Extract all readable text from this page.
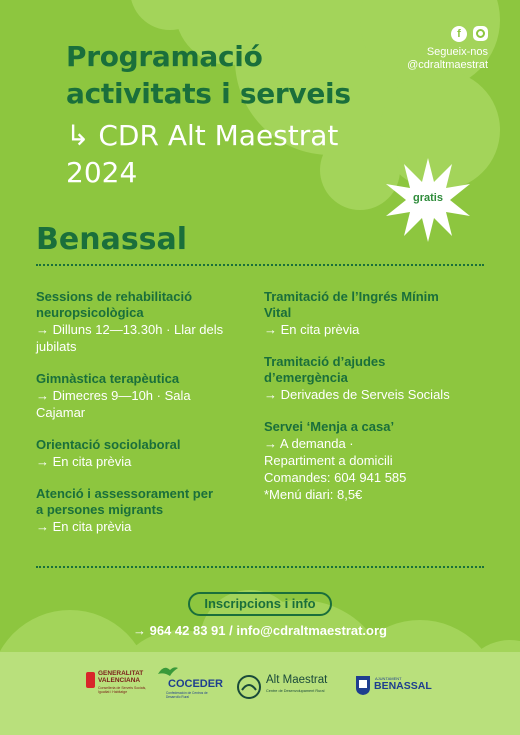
Programació
activitats i serveis
↳ CDR Alt Maestrat
2024
f
Segueix-nos
@cdraltmaestrat
gratis
Benassal
Sessions de rehabilitació
neuropsicològica
→ Dilluns 12—13.30h · Llar dels
jubilats
Gimnàstica terapèutica
→ Dimecres 9—10h · Sala
Cajamar
Orientació sociolaboral
→ En cita prèvia
Atenció i assessorament per
a persones migrants
→ En cita prèvia
Tramitació de l’Ingrés Mínim
Vital
→ En cita prèvia
Tramitació d’ajudes
d’emergència
→ Derivades de Serveis Socials
Servei ‘Menja a casa’
→ A demanda ·
Repartiment a domicili
Comandes: 604 941 585
*Menú diari: 8,5€
Inscripcions i info
→ 964 42 83 91 / info@cdraltmaestrat.org
GENERALITAT
VALENCIANA
Conselleria de Serveis Socials, Igualtat i Habitatge
COCEDER
Confederación de Centros de Desarrollo Rural
Alt Maestrat
Centre de Desenvolupament Rural
AJUNTAMENT
BENASSAL
